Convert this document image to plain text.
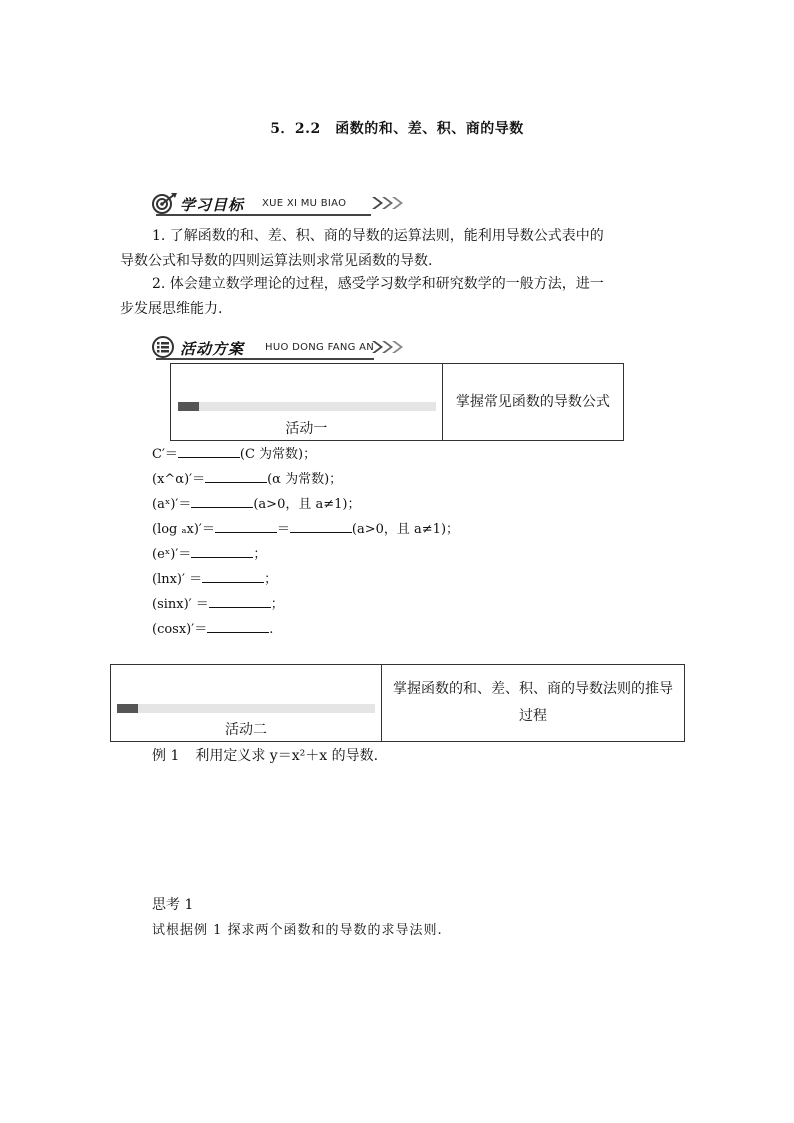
5．2.2　函数的和、差、积、商的导数
学习目标 XUE XI MU BIAO
1. 了解函数的和、差、积、商的导数的运算法则，能利用导数公式表中的
导数公式和导数的四则运算法则求常见函数的导数.
2. 体会建立数学理论的过程，感受学习数学和研究数学的一般方法，进一
步发展思维能力.
活动方案 HUO DONG FANG AN
活动一

掌握常见函数的导数公式
C′＝	(C 为常数)；
(x^α)′＝	(α 为常数)；
(aˣ)′＝	(a>0，且 a≠1)；
(log ₐx)′＝	＝	(a>0，且 a≠1)；
(eˣ)′＝	；
(lnx)′ ＝	；
(sinx)′ ＝	；
(cosx)′＝	.
活动二

掌握函数的和、差、积、商的导数法则的推导过程
例 1 利用定义求 y＝x²＋x 的导数.
思考 1
试根据例 1 探求两个函数和的导数的求导法则.
